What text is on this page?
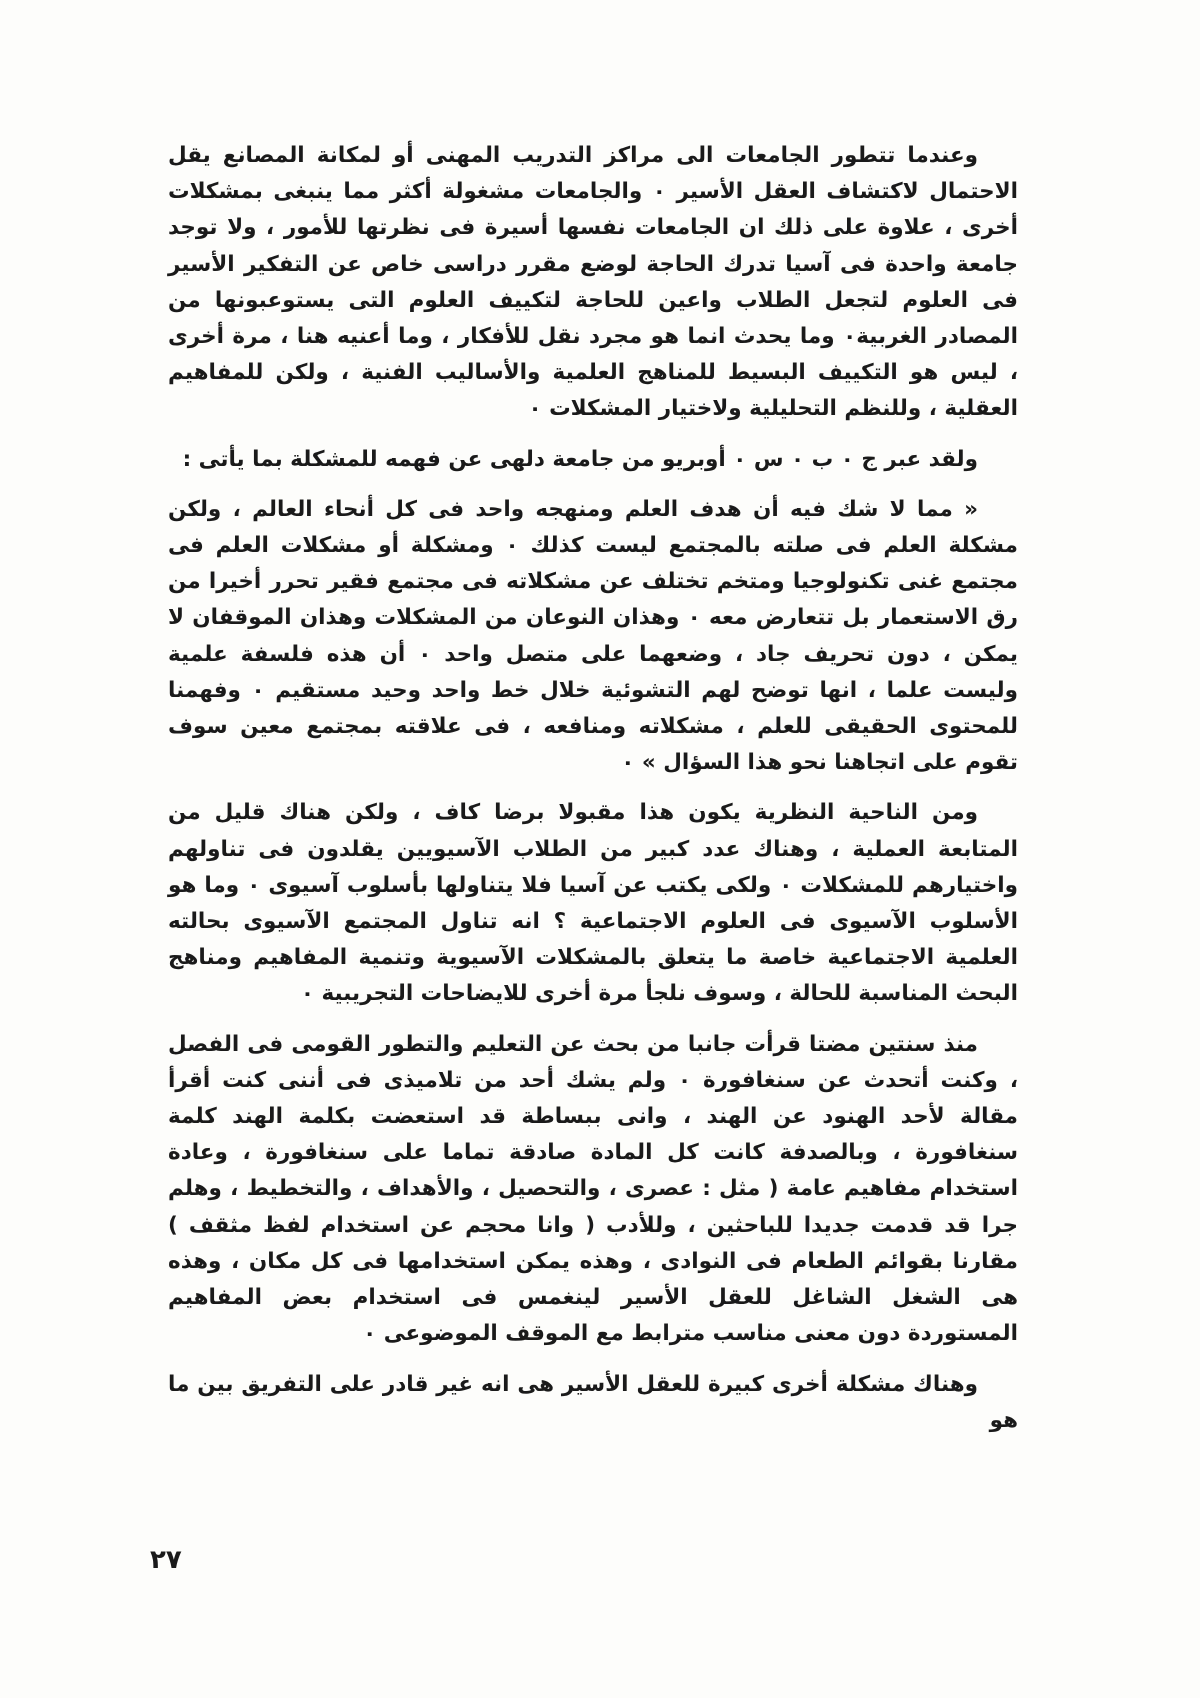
وعندما تتطور الجامعات الى مراكز التدريب المهنى أو لمكانة المصانع يقل الاحتمال لاكتشاف العقل الأسير ٠ والجامعات مشغولة أكثر مما ينبغى بمشكلات أخرى ، علاوة على ذلك ان الجامعات نفسها أسيرة فى نظرتها للأمور ، ولا توجد جامعة واحدة فى آسيا تدرك الحاجة لوضع مقرر دراسى خاص عن التفكير الأسير فى العلوم لتجعل الطلاب واعين للحاجة لتكييف العلوم التى يستوعبونها من المصادر الغربية٠ وما يحدث انما هو مجرد نقل للأفكار ، وما أعنيه هنا ، مرة أخرى ، ليس هو التكييف البسيط للمناهج العلمية والأساليب الفنية ، ولكن للمفاهيم العقلية ، وللنظم التحليلية ولاختيار المشكلات ٠

ولقد عبر ج ٠ ب ٠ س ٠ أوبريو من جامعة دلهى عن فهمه للمشكلة بما يأتى :

« مما لا شك فيه أن هدف العلم ومنهجه واحد فى كل أنحاء العالم ، ولكن مشكلة العلم فى صلته بالمجتمع ليست كذلك ٠ ومشكلة أو مشكلات العلم فى مجتمع غنى تكنولوجيا ومتخم تختلف عن مشكلاته فى مجتمع فقير تحرر أخيرا من رق الاستعمار بل تتعارض معه ٠ وهذان النوعان من المشكلات وهذان الموقفان لا يمكن ، دون تحريف جاد ، وضعهما على متصل واحد ٠ أن هذه فلسفة علمية وليست علما ، انها توضح لهم التشوئية خلال خط واحد وحيد مستقيم ٠ وفهمنا للمحتوى الحقيقى للعلم ، مشكلاته ومنافعه ، فى علاقته بمجتمع معين سوف تقوم على اتجاهنا نحو هذا السؤال » ٠

ومن الناحية النظرية يكون هذا مقبولا برضا كاف ، ولكن هناك قليل من المتابعة العملية ، وهناك عدد كبير من الطلاب الآسيويين يقلدون فى تناولهم واختيارهم للمشكلات ٠ ولكى يكتب عن آسيا فلا يتناولها بأسلوب آسيوى ٠ وما هو الأسلوب الآسيوى فى العلوم الاجتماعية ؟ انه تناول المجتمع الآسيوى بحالته العلمية الاجتماعية خاصة ما يتعلق بالمشكلات الآسيوية وتنمية المفاهيم ومناهج البحث المناسبة للحالة ، وسوف نلجأ مرة أخرى للايضاحات التجريبية ٠

منذ سنتين مضتا قرأت جانبا من بحث عن التعليم والتطور القومى فى الفصل ، وكنت أتحدث عن سنغافورة ٠ ولم يشك أحد من تلاميذى فى أننى كنت أقرأ مقالة لأحد الهنود عن الهند ، وانى ببساطة قد استعضت بكلمة الهند كلمة سنغافورة ، وبالصدفة كانت كل المادة صادقة تماما على سنغافورة ، وعادة استخدام مفاهيم عامة ( مثل : عصرى ، والتحصيل ، والأهداف ، والتخطيط ، وهلم جرا قد قدمت جديدا للباحثين ، وللأدب ( وانا محجم عن استخدام لفظ مثقف ) مقارنا بقوائم الطعام فى النوادى ، وهذه يمكن استخدامها فى كل مكان ، وهذه هى الشغل الشاغل للعقل الأسير لينغمس فى استخدام بعض المفاهيم المستوردة دون معنى مناسب مترابط مع الموقف الموضوعى ٠

وهناك مشكلة أخرى كبيرة للعقل الأسير هى انه غير قادر على التفريق بين ما هو

٢٧
